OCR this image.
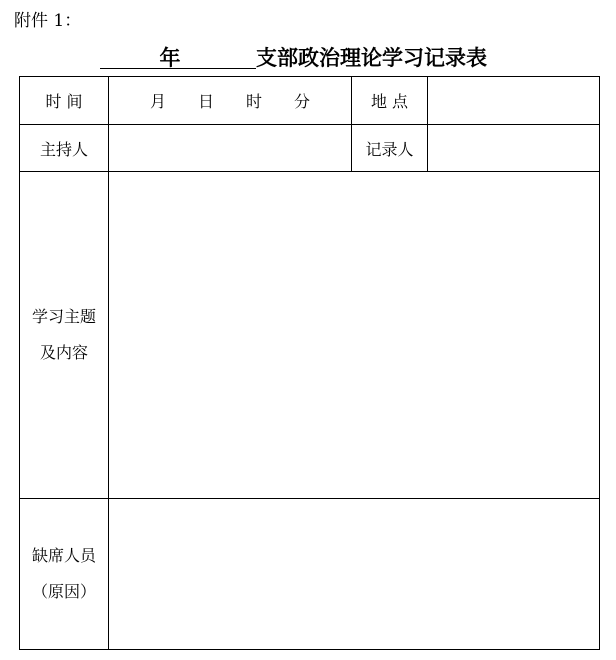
附件 1：
年	支部政治理论学习记录表
时 间	月　　日　　时　　分	地 点	
主持人		记录人	

学习主题
及内容			

缺席人员
（原因）			
